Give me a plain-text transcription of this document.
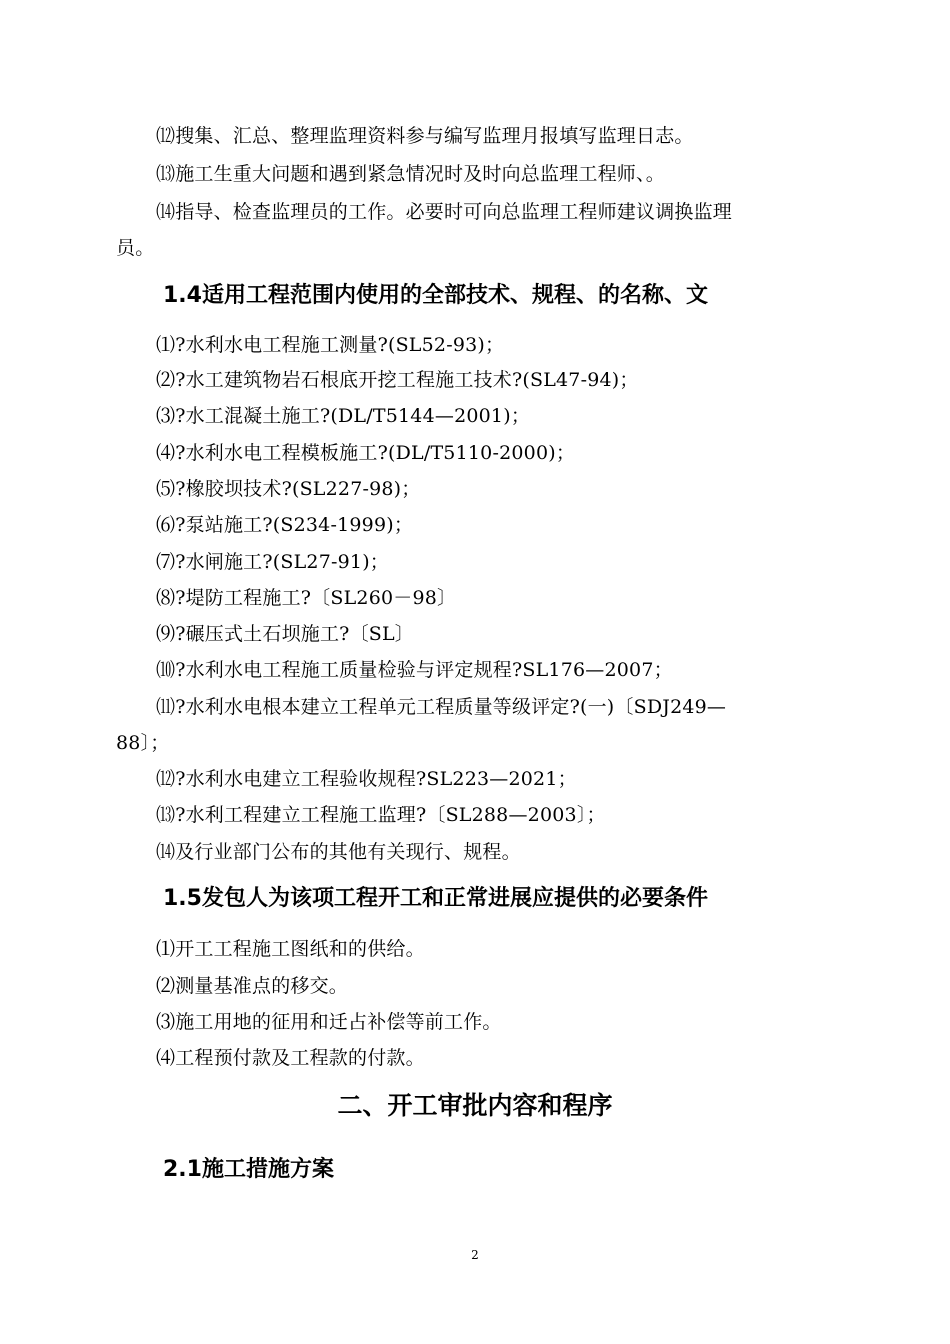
⑿搜集、汇总、整理监理资料参与编写监理月报填写监理日志。
⒀施工生重大问题和遇到紧急情况时及时向总监理工程师、。
⒁指导、检查监理员的工作。必要时可向总监理工程师建议调换监理
员。
1.4适用工程范围内使用的全部技术、规程、的名称、文
⑴?水利水电工程施工测量?(SL52-93)；
⑵?水工建筑物岩石根底开挖工程施工技术?(SL47-94)；
⑶?水工混凝土施工?(DL/T5144—2001)；
⑷?水利水电工程模板施工?(DL/T5110-2000)；
⑸?橡胶坝技术?(SL227-98)；
⑹?泵站施工?(S234-1999)；
⑺?水闸施工?(SL27-91)；
⑻?堤防工程施工?〔SL260－98〕
⑼?碾压式土石坝施工?〔SL〕
⑽?水利水电工程施工质量检验与评定规程?SL176—2007；
⑾?水利水电根本建立工程单元工程质量等级评定?(一)〔SDJ249—
88〕；
⑿?水利水电建立工程验收规程?SL223—2021；
⒀?水利工程建立工程施工监理?〔SL288—2003〕；
⒁及行业部门公布的其他有关现行、规程。
1.5发包人为该项工程开工和正常进展应提供的必要条件
⑴开工工程施工图纸和的供给。
⑵测量基准点的移交。
⑶施工用地的征用和迁占补偿等前工作。
⑷工程预付款及工程款的付款。
二、开工审批内容和程序
2.1施工措施方案
2
